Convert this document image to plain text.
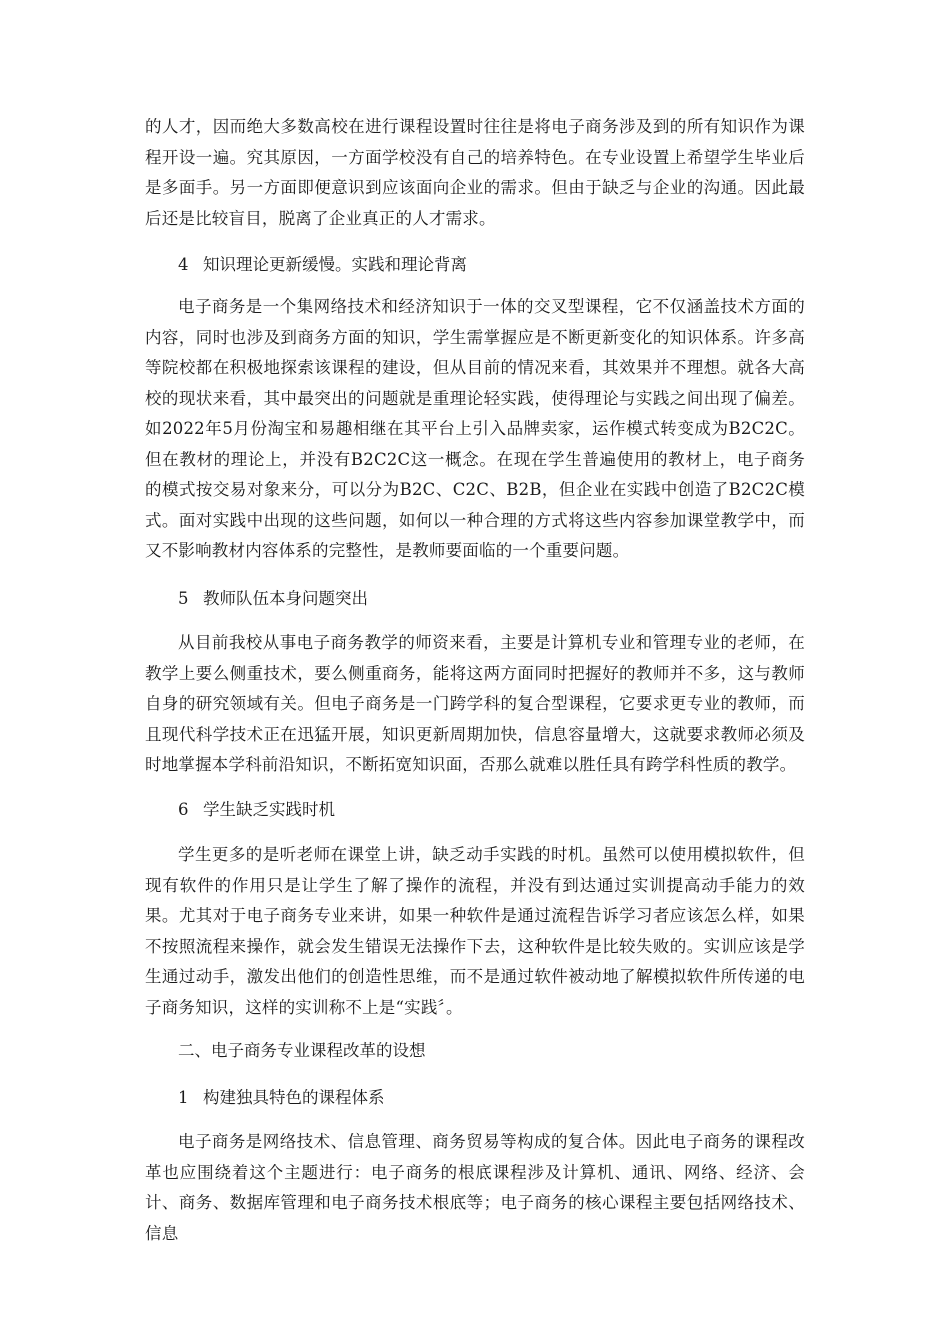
的人才，因而绝大多数高校在进行课程设置时往往是将电子商务涉及到的所有知识作为课程开设一遍。究其原因，一方面学校没有自己的培养特色。在专业设置上希望学生毕业后是多面手。另一方面即便意识到应该面向企业的需求。但由于缺乏与企业的沟通。因此最后还是比较盲目，脱离了企业真正的人才需求。

4 知识理论更新缓慢。实践和理论背离

电子商务是一个集网络技术和经济知识于一体的交叉型课程，它不仅涵盖技术方面的内容，同时也涉及到商务方面的知识，学生需掌握应是不断更新变化的知识体系。许多高等院校都在积极地探索该课程的建设，但从目前的情况来看，其效果并不理想。就各大高校的现状来看，其中最突出的问题就是重理论轻实践，使得理论与实践之间出现了偏差。如2022年5月份淘宝和易趣相继在其平台上引入品牌卖家，运作模式转变成为B2C2C。但在教材的理论上，并没有B2C2C这一概念。在现在学生普遍使用的教材上，电子商务的模式按交易对象来分，可以分为B2C、C2C、B2B，但企业在实践中创造了B2C2C模式。面对实践中出现的这些问题，如何以一种合理的方式将这些内容参加课堂教学中，而又不影响教材内容体系的完整性，是教师要面临的一个重要问题。

5 教师队伍本身问题突出

从目前我校从事电子商务教学的师资来看，主要是计算机专业和管理专业的老师，在教学上要么侧重技术，要么侧重商务，能将这两方面同时把握好的教师并不多，这与教师自身的研究领域有关。但电子商务是一门跨学科的复合型课程，它要求更专业的教师，而且现代科学技术正在迅猛开展，知识更新周期加快，信息容量增大，这就要求教师必须及时地掌握本学科前沿知识，不断拓宽知识面，否那么就难以胜任具有跨学科性质的教学。

6 学生缺乏实践时机

学生更多的是听老师在课堂上讲，缺乏动手实践的时机。虽然可以使用模拟软件，但现有软件的作用只是让学生了解了操作的流程，并没有到达通过实训提高动手能力的效果。尤其对于电子商务专业来讲，如果一种软件是通过流程告诉学习者应该怎么样，如果不按照流程来操作，就会发生错误无法操作下去，这种软件是比较失败的。实训应该是学生通过动手，激发出他们的创造性思维，而不是通过软件被动地了解模拟软件所传递的电子商务知识，这样的实训称不上是“实践〞。

二、电子商务专业课程改革的设想

1 构建独具特色的课程体系

电子商务是网络技术、信息管理、商务贸易等构成的复合体。因此电子商务的课程改革也应围绕着这个主题进行：电子商务的根底课程涉及计算机、通讯、网络、经济、会计、商务、数据库管理和电子商务技术根底等；电子商务的核心课程主要包括网络技术、信息
